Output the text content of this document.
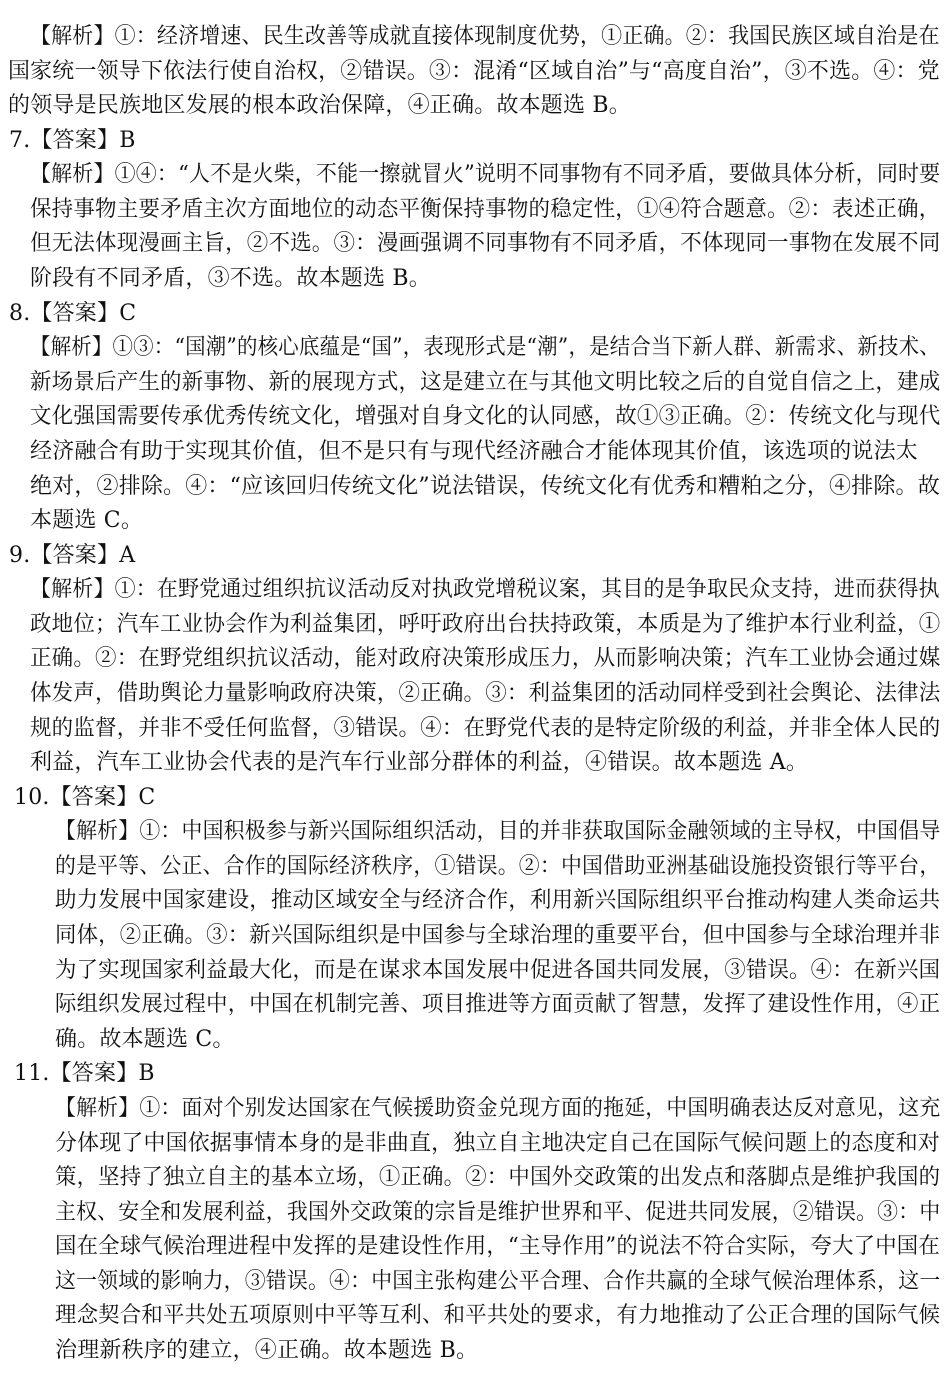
【解析】①：经济增速、民生改善等成就直接体现制度优势，①正确。②：我国民族区域自治是在
国家统一领导下依法行使自治权，②错误。③：混淆“区域自治”与“高度自治”，③不选。④：党
的领导是民族地区发展的根本政治保障，④正确。故本题选 B。
7.【答案】B
【解析】①④：“人不是火柴，不能一擦就冒火”说明不同事物有不同矛盾，要做具体分析，同时要
保持事物主要矛盾主次方面地位的动态平衡保持事物的稳定性，①④符合题意。②：表述正确，
但无法体现漫画主旨，②不选。③：漫画强调不同事物有不同矛盾，不体现同一事物在发展不同
阶段有不同矛盾，③不选。故本题选 B。
8.【答案】C
【解析】①③：“国潮”的核心底蕴是“国”，表现形式是“潮”，是结合当下新人群、新需求、新技术、
新场景后产生的新事物、新的展现方式，这是建立在与其他文明比较之后的自觉自信之上，建成
文化强国需要传承优秀传统文化，增强对自身文化的认同感，故①③正确。②：传统文化与现代
经济融合有助于实现其价值，但不是只有与现代经济融合才能体现其价值，该选项的说法太
绝对，②排除。④：“应该回归传统文化”说法错误，传统文化有优秀和糟粕之分，④排除。故
本题选 C。
9.【答案】A
【解析】①：在野党通过组织抗议活动反对执政党增税议案，其目的是争取民众支持，进而获得执
政地位；汽车工业协会作为利益集团，呼吁政府出台扶持政策，本质是为了维护本行业利益，①
正确。②：在野党组织抗议活动，能对政府决策形成压力，从而影响决策；汽车工业协会通过媒
体发声，借助舆论力量影响政府决策，②正确。③：利益集团的活动同样受到社会舆论、法律法
规的监督，并非不受任何监督，③错误。④：在野党代表的是特定阶级的利益，并非全体人民的
利益，汽车工业协会代表的是汽车行业部分群体的利益，④错误。故本题选 A。
10.【答案】C
【解析】①：中国积极参与新兴国际组织活动，目的并非获取国际金融领域的主导权，中国倡导
的是平等、公正、合作的国际经济秩序，①错误。②：中国借助亚洲基础设施投资银行等平台，
助力发展中国家建设，推动区域安全与经济合作，利用新兴国际组织平台推动构建人类命运共
同体，②正确。③：新兴国际组织是中国参与全球治理的重要平台，但中国参与全球治理并非
为了实现国家利益最大化，而是在谋求本国发展中促进各国共同发展，③错误。④：在新兴国
际组织发展过程中，中国在机制完善、项目推进等方面贡献了智慧，发挥了建设性作用，④正
确。故本题选 C。
11.【答案】B
【解析】①：面对个别发达国家在气候援助资金兑现方面的拖延，中国明确表达反对意见，这充
分体现了中国依据事情本身的是非曲直，独立自主地决定自己在国际气候问题上的态度和对
策，坚持了独立自主的基本立场，①正确。②：中国外交政策的出发点和落脚点是维护我国的
主权、安全和发展利益，我国外交政策的宗旨是维护世界和平、促进共同发展，②错误。③：中
国在全球气候治理进程中发挥的是建设性作用，“主导作用”的说法不符合实际，夸大了中国在
这一领域的影响力，③错误。④：中国主张构建公平合理、合作共赢的全球气候治理体系，这一
理念契合和平共处五项原则中平等互利、和平共处的要求，有力地推动了公正合理的国际气候
治理新秩序的建立，④正确。故本题选 B。
